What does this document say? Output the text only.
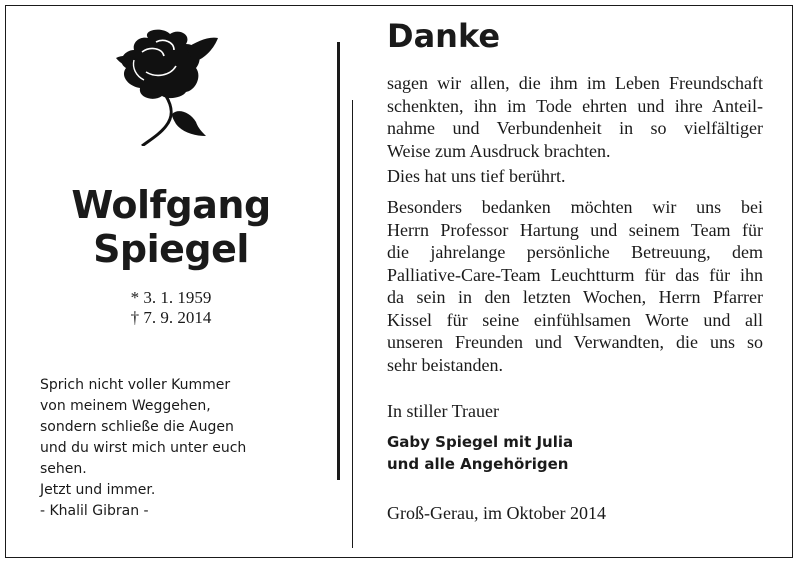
Wolfgang
Spiegel
* 3. 1. 1959
† 7. 9. 2014
Sprich nicht voller Kummer
von meinem Weggehen,
sondern schließe die Augen
und du wirst mich unter euch
sehen.
Jetzt und immer.
- Khalil Gibran -
Danke
sagen wir allen, die ihm im Leben Freundschaft
schenkten, ihn im Tode ehrten und ihre Anteil-
nahme und Verbundenheit in so vielfältiger
Weise zum Ausdruck brachten.
Dies hat uns tief berührt.
Besonders bedanken möchten wir uns bei
Herrn Professor Hartung und seinem Team für
die jahrelange persönliche Betreuung, dem
Palliative-Care-Team Leuchtturm für das für ihn
da sein in den letzten Wochen, Herrn Pfarrer
Kissel für seine einfühlsamen Worte und all
unseren Freunden und Verwandten, die uns so
sehr beistanden.
In stiller Trauer
Gaby Spiegel mit Julia
und alle Angehörigen
Groß-Gerau, im Oktober 2014
